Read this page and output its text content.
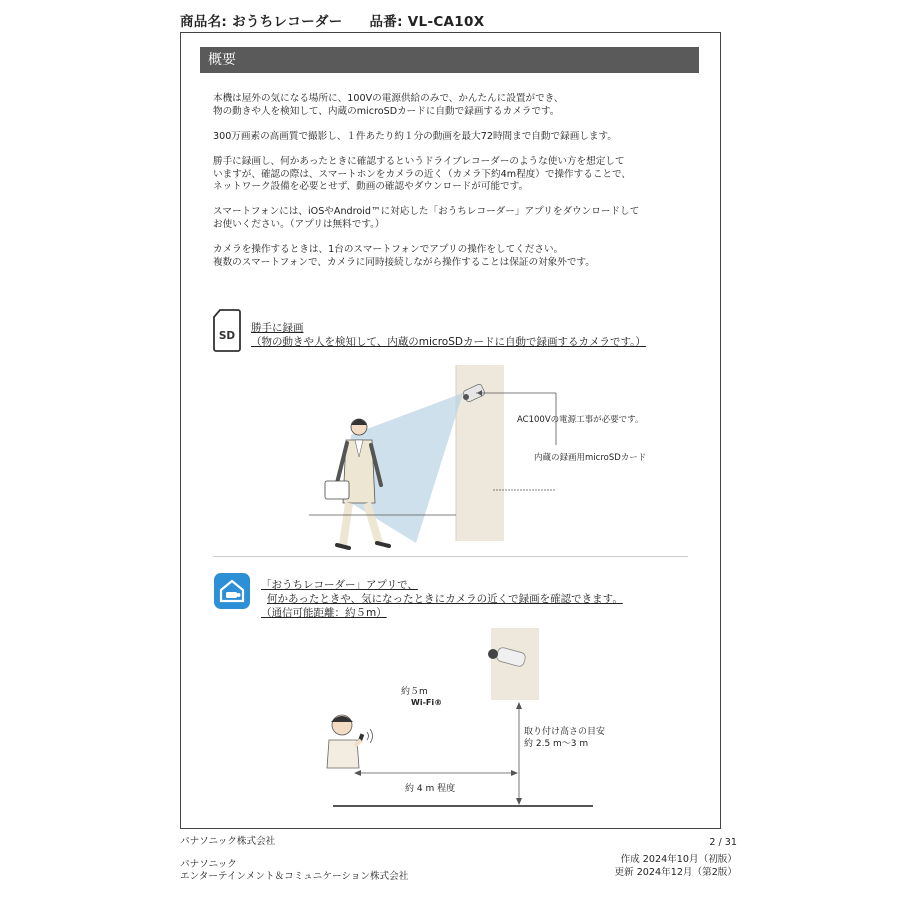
商品名: おうちレコーダー 品番: VL-CA10X
概要

本機は屋外の気になる場所に、100Vの電源供給のみで、かんたんに設置ができ、
物の動きや人を検知して、内蔵のmicroSDカードに自動で録画するカメラです。

300万画素の高画質で撮影し、１件あたり約１分の動画を最大72時間まで自動で録画します。

勝手に録画し、何かあったときに確認するというドライブレコーダーのような使い方を想定して
いますが、確認の際は、スマートホンをカメラの近く（カメラ下約4m程度）で操作することで、
ネットワーク設備を必要とせず、動画の確認やダウンロードが可能です。

スマートフォンには、iOSやAndroid™に対応した「おうちレコーダー」アプリをダウンロードして
お使いください。（アプリは無料です。）

カメラを操作するときは、1台のスマートフォンでアプリの操作をしてください。
複数のスマートフォンで、カメラに同時接続しながら操作することは保証の対象外です。

SD
勝手に録画
（物の動きや人を検知して、内蔵のmicroSDカードに自動で録画するカメラです。）
AC100Vの電源工事が必要です。
内蔵の録画用microSDカード
「おうちレコーダー」アプリで、
何かあったときや、気になったときにカメラの近くで録画を確認できます。
（通信可能距離：約５m）
約５m
Wi-Fi®
取り付け高さの目安
約 2.5 m～3 m
約 4 m 程度
パナソニック株式会社
パナソニック
エンターテインメント＆コミュニケーション株式会社
2 / 31
作成 2024年10月（初版）
更新 2024年12月（第2版）
